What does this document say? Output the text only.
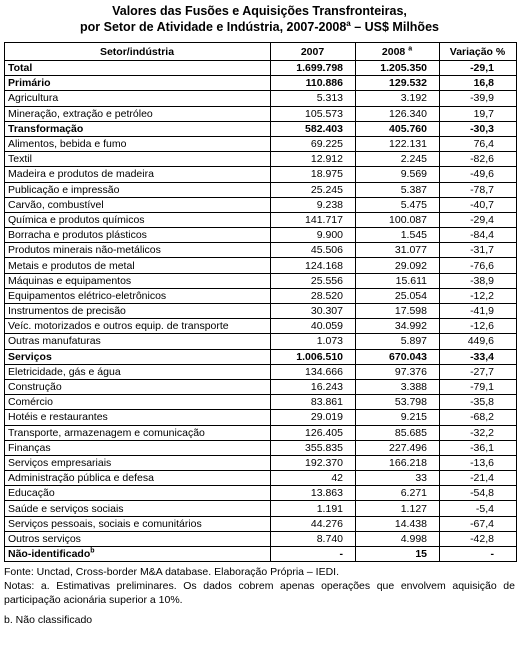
Valores das Fusões e Aquisições Transfronteiras,
por Setor de Atividade e Indústria, 2007-2008$^a$ – US$ Milhões
Setor/indústria	2007	2008 $^a$	Variação %
Total	1.699.798	1.205.350	-29,1
Primário	110.886	129.532	16,8
Agricultura	5.313	3.192	-39,9
Mineração, extração e petróleo	105.573	126.340	19,7
Transformação	582.403	405.760	-30,3
Alimentos, bebida e fumo	69.225	122.131	76,4
Textil	12.912	2.245	-82,6
Madeira e produtos de madeira	18.975	9.569	-49,6
Publicação e impressão	25.245	5.387	-78,7
Carvão, combustível	9.238	5.475	-40,7
Química e produtos químicos	141.717	100.087	-29,4
Borracha e produtos plásticos	9.900	1.545	-84,4
Produtos minerais não-metálicos	45.506	31.077	-31,7
Metais e produtos de metal	124.168	29.092	-76,6
Máquinas e equipamentos	25.556	15.611	-38,9
Equipamentos elétrico-eletrônicos	28.520	25.054	-12,2
Instrumentos de precisão	30.307	17.598	-41,9
Veíc. motorizados e outros equip. de transporte	40.059	34.992	-12,6
Outras manufaturas	1.073	5.897	449,6
Serviços	1.006.510	670.043	-33,4
Eletricidade, gás e água	134.666	97.376	-27,7
Construção	16.243	3.388	-79,1
Comércio	83.861	53.798	-35,8
Hotéis e restaurantes	29.019	9.215	-68,2
Transporte, armazenagem e comunicação	126.405	85.685	-32,2
Finanças	355.835	227.496	-36,1
Serviços empresariais	192.370	166.218	-13,6
Administração pública e defesa	42	33	-21,4
Educação	13.863	6.271	-54,8
Saúde e serviços sociais	1.191	1.127	-5,4
Serviços pessoais, sociais e comunitários	44.276	14.438	-67,4
Outros serviços	8.740	4.998	-42,8
Não-identificado$^b$	-	15	-

Fonte: Unctad, Cross-border M&A database. Elaboração Própria – IEDI.

Notas: a. Estimativas preliminares. Os dados cobrem apenas operações que envolvem aquisição de participação acionária superior a 10%.

b. Não classificado
